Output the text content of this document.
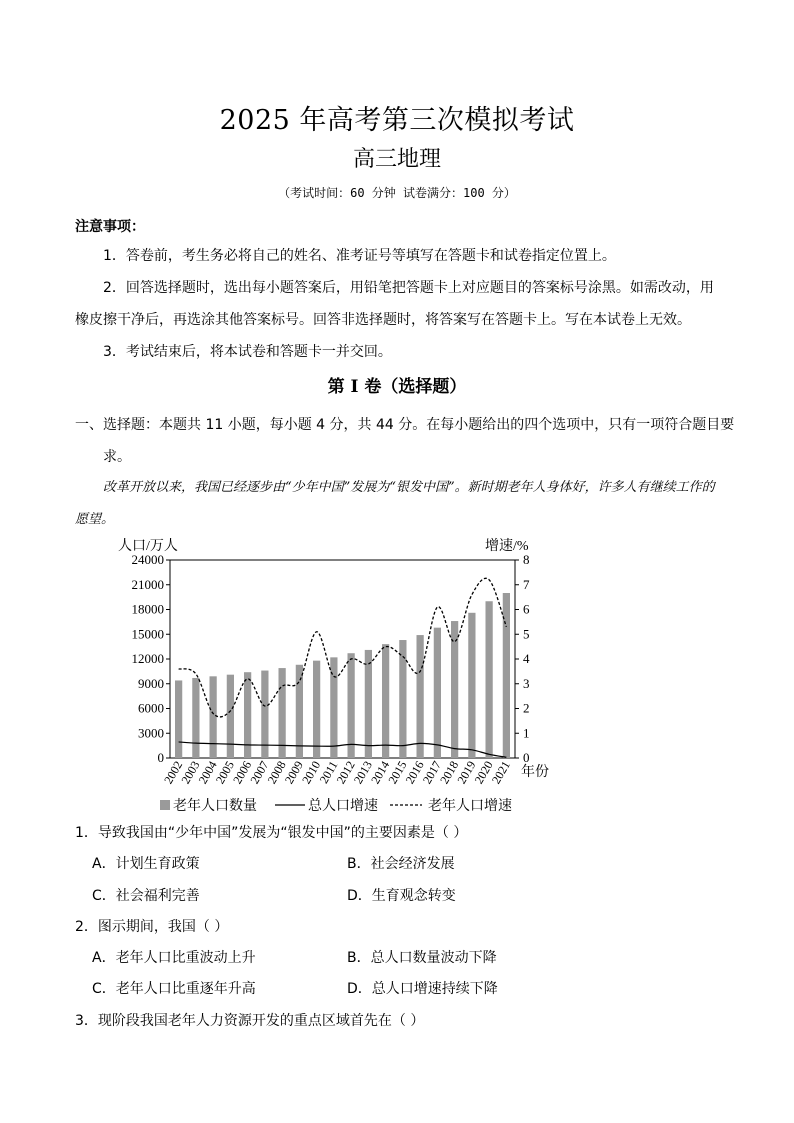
2025 年高考第三次模拟考试
高三地理
（考试时间：60 分钟 试卷满分：100 分）
注意事项：
1．答卷前，考生务必将自己的姓名、准考证号等填写在答题卡和试卷指定位置上。
2．回答选择题时，选出每小题答案后，用铅笔把答题卡上对应题目的答案标号涂黑。如需改动，用橡皮擦干净后，再选涂其他答案标号。回答非选择题时，将答案写在答题卡上。写在本试卷上无效。
3．考试结束后，将本试卷和答题卡一并交回。
第 I 卷（选择题）
一、选择题：本题共 11 小题，每小题 4 分，共 44 分。在每小题给出的四个选项中，只有一项符合题目要求。
改革开放以来，我国已经逐步由“少年中国”发展为“银发中国”。新时期老年人身体好，许多人有继续工作的愿望。
0
3000
6000
9000
12000
15000
18000
21000
24000
0
1
2
3
4
5
6
7
8
人口/万人	增速/%
年份
2002
2003
2004
2005
2006
2007
2008
2009
2010
2011
2012
2013
2014
2015
2016
2017
2018
2019
2020
2021
老年人口数量	总人口增速	老年人口增速
1．导致我国由“少年中国”发展为“银发中国”的主要因素是（ ）
A．计划生育政策	B．社会经济发展
C．社会福利完善	D．生育观念转变
2．图示期间，我国（ ）
A．老年人口比重波动上升	B．总人口数量波动下降
C．老年人口比重逐年升高	D．总人口增速持续下降
3．现阶段我国老年人力资源开发的重点区域首先在（ ）
